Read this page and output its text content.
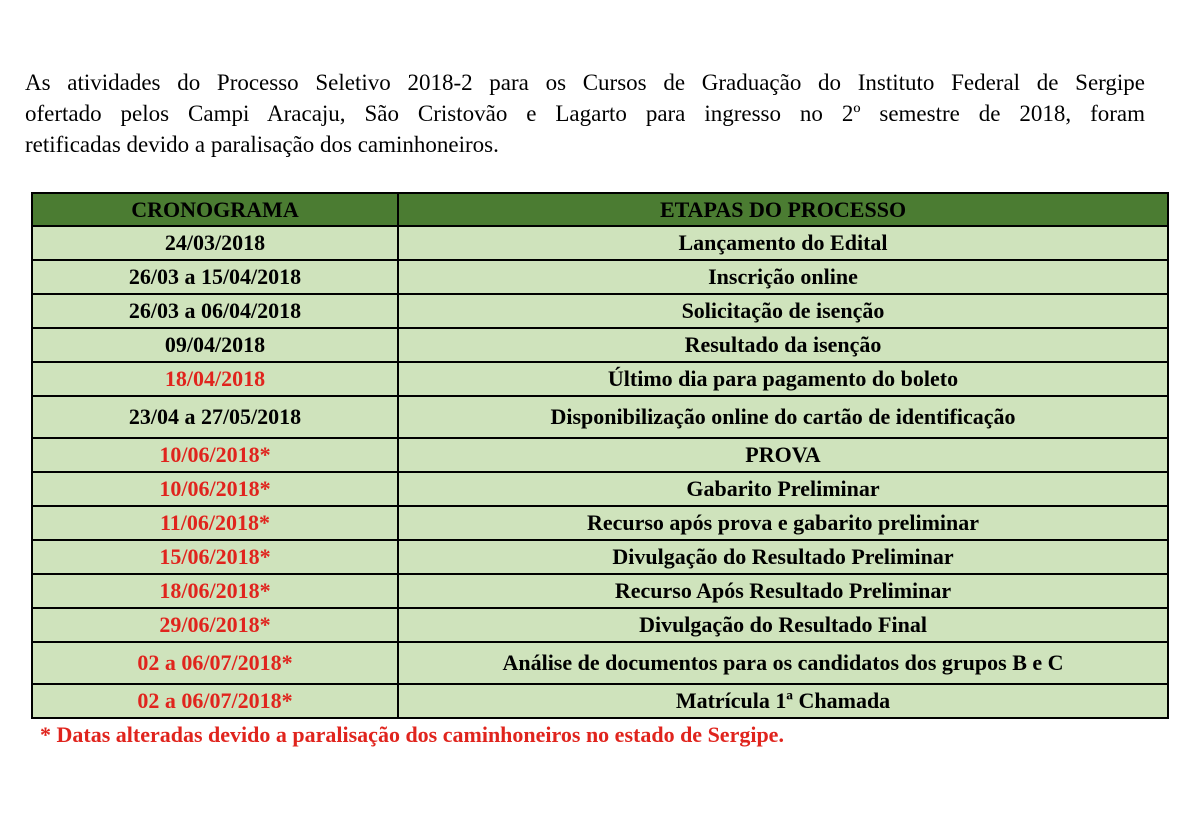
As atividades do Processo Seletivo 2018-2 para os Cursos de Graduação do Instituto Federal de Sergipe
ofertado pelos Campi Aracaju, São Cristovão e Lagarto para ingresso no 2º semestre de 2018, foram
retificadas devido a paralisação dos caminhoneiros.
CRONOGRAMA	ETAPAS DO PROCESSO
24/03/2018	Lançamento do Edital
26/03 a 15/04/2018	Inscrição online
26/03 a 06/04/2018	Solicitação de isenção
09/04/2018	Resultado da isenção
18/04/2018	Último dia para pagamento do boleto
23/04 a 27/05/2018	Disponibilização online do cartão de identificação
10/06/2018*	PROVA
10/06/2018*	Gabarito Preliminar
11/06/2018*	Recurso após prova e gabarito preliminar
15/06/2018*	Divulgação do Resultado Preliminar
18/06/2018*	Recurso Após Resultado Preliminar
29/06/2018*	Divulgação do Resultado Final
02 a 06/07/2018*	Análise de documentos para os candidatos dos grupos B e C
02 a 06/07/2018*	Matrícula 1ª Chamada
* Datas alteradas devido a paralisação dos caminhoneiros no estado de Sergipe.
